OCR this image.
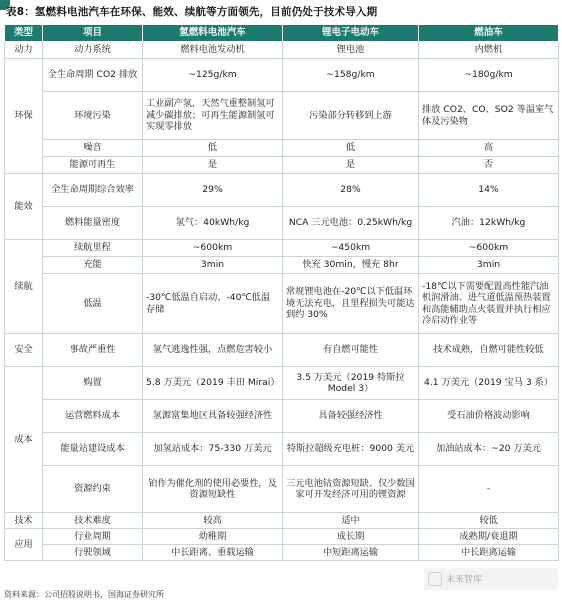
表8：氢燃料电池汽车在环保、能效、续航等方面领先，目前仍处于技术导入期
类型	项目	氢燃料电池汽车	锂电子电动车	燃油车
动力	动力系统	燃料电池发动机	锂电池	内燃机
环保	全生命周期 CO2 排放	~125g/km	~158g/km	~180g/km
	环境污染	工业副产氢，天然气重整制氢可减少碳排放；可再生能源制氢可实现零排放	污染部分转移到上游	排放 CO2、CO、SO2 等温室气体及污染物
	噪音	低	低	高
	能源可再生	是	是	否
能效	全生命周期综合效率	29%	28%	14%
	燃料能量密度	氢气：40kWh/kg	NCA 三元电池：0.25kWh/kg	汽油：12kWh/kg
续航	续航里程	~600km	~450km	~600km
	充能	3min	快充 30min，慢充 8hr	3min
	低温	-30℃低温自启动、-40℃低温存储	常规锂电池在-20℃以下低温环境无法充电，且里程损失可能达到约 30%	-18℃以下需要配置高性能汽油机润滑油、进气道低温预热装置和高能辅助点火装置并执行相应冷启动作业等
安全	事故严重性	氢气逃逸性强，点燃危害较小	有自燃可能性	技术成熟，自燃可能性较低
成本	购置	5.8 万美元（2019 丰田 Mirai）	3.5 万美元（2019 特斯拉 Model 3）	4.1 万美元（2019 宝马 3 系）
	运营燃料成本	氢源富集地区具备较强经济性	具备较强经济性	受石油价格波动影响
	能量站建设成本	加氢站成本：75-330 万美元	特斯拉超级充电桩：9000 美元	加油站成本：~20 万美元
	资源约束	铂作为催化剂的使用必要性，及资源短缺性	三元电池钴资源短缺、仅少数国家可开发经济可用的锂资源	-
技术	技术难度	较高	适中	较低
应用	行业周期	幼稚期	成长期	成熟期/衰退期
	行驶领域	中长距离、重载运输	中短距离运输	中长距离运输
未来智库
资料来源：公司招股说明书，国海证券研究所
